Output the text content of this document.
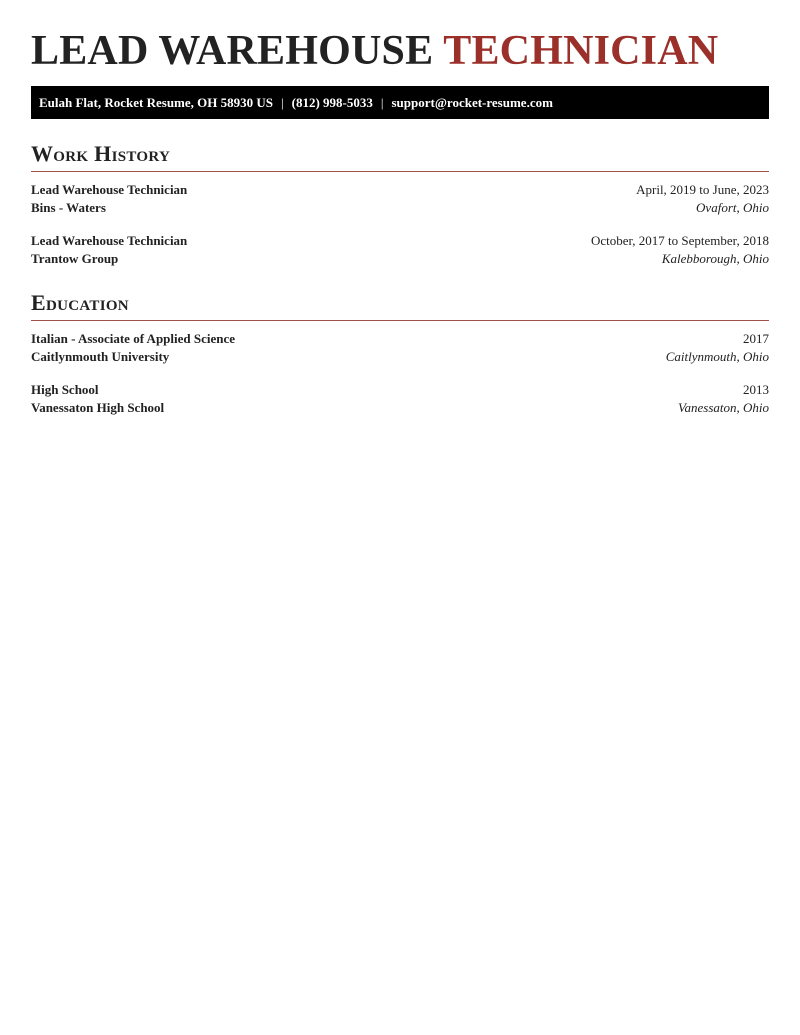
LEAD WAREHOUSE TECHNICIAN
Eulah Flat, Rocket Resume, OH 58930 US | (812) 998-5033 | support@rocket-resume.com
Work History
Lead Warehouse Technician	April, 2019 to June, 2023
Bins - Waters	Ovafort, Ohio
Lead Warehouse Technician	October, 2017 to September, 2018
Trantow Group	Kalebborough, Ohio
Education
Italian - Associate of Applied Science	2017
Caitlynmouth University	Caitlynmouth, Ohio
High School	2013
Vanessaton High School	Vanessaton, Ohio
